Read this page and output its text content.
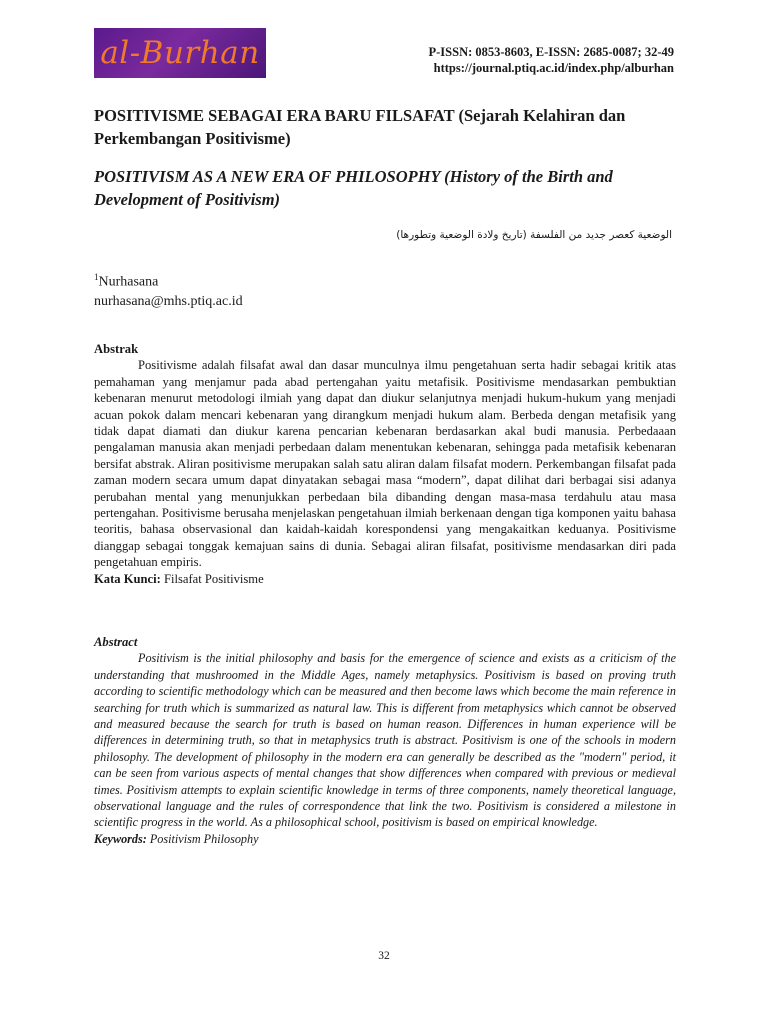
al-Burhan	P-ISSN: 0853-8603, E-ISSN: 2685-0087; 32-49
https://journal.ptiq.ac.id/index.php/alburhan
POSITIVISME SEBAGAI ERA BARU FILSAFAT (Sejarah Kelahiran dan Perkembangan Positivisme)
POSITIVISM AS A NEW ERA OF PHILOSOPHY (History of the Birth and Development of Positivism)
الوضعية كعصر جديد من الفلسفة (تاريخ ولادة الوضعية وتطورها)
$^1$Nurhasana
nurhasana@mhs.ptiq.ac.id
Abstrak

Positivisme adalah filsafat awal dan dasar munculnya ilmu pengetahuan serta hadir sebagai kritik atas pemahaman yang menjamur pada abad pertengahan yaitu metafisik. Positivisme mendasarkan pembuktian kebenaran menurut metodologi ilmiah yang dapat dan diukur selanjutnya menjadi hukum-hukum yang menjadi acuan pokok dalam mencari kebenaran yang dirangkum menjadi hukum alam. Berbeda dengan metafisik yang tidak dapat diamati dan diukur karena pencarian kebenaran berdasarkan akal budi manusia. Perbedaaan pengalaman manusia akan menjadi perbedaan dalam menentukan kebenaran, sehingga pada metafisik kebenaran bersifat abstrak. Aliran positivisme merupakan salah satu aliran dalam filsafat modern. Perkembangan filsafat pada zaman modern secara umum dapat dinyatakan sebagai masa “modern”, dapat dilihat dari berbagai sisi adanya perubahan mental yang menunjukkan perbedaan bila dibanding dengan masa-masa terdahulu atau masa pertengahan. Positivisme berusaha menjelaskan pengetahuan ilmiah berkenaan dengan tiga komponen yaitu bahasa teoritis, bahasa observasional dan kaidah-kaidah korespondensi yang mengakaitkan keduanya. Positivisme dianggap sebagai tonggak kemajuan sains di dunia. Sebagai aliran filsafat, positivisme mendasarkan diri pada pengetahuan empiris.

Kata Kunci: Filsafat Positivisme
Abstract

Positivism is the initial philosophy and basis for the emergence of science and exists as a criticism of the understanding that mushroomed in the Middle Ages, namely metaphysics. Positivism is based on proving truth according to scientific methodology which can be measured and then become laws which become the main reference in searching for truth which is summarized as natural law. This is different from metaphysics which cannot be observed and measured because the search for truth is based on human reason. Differences in human experience will be differences in determining truth, so that in metaphysics truth is abstract. Positivism is one of the schools in modern philosophy. The development of philosophy in the modern era can generally be described as the "modern" period, it can be seen from various aspects of mental changes that show differences when compared with previous or medieval times. Positivism attempts to explain scientific knowledge in terms of three components, namely theoretical language, observational language and the rules of correspondence that link the two. Positivism is considered a milestone in scientific progress in the world. As a philosophical school, positivism is based on empirical knowledge.

Keywords: Positivism Philosophy
32
